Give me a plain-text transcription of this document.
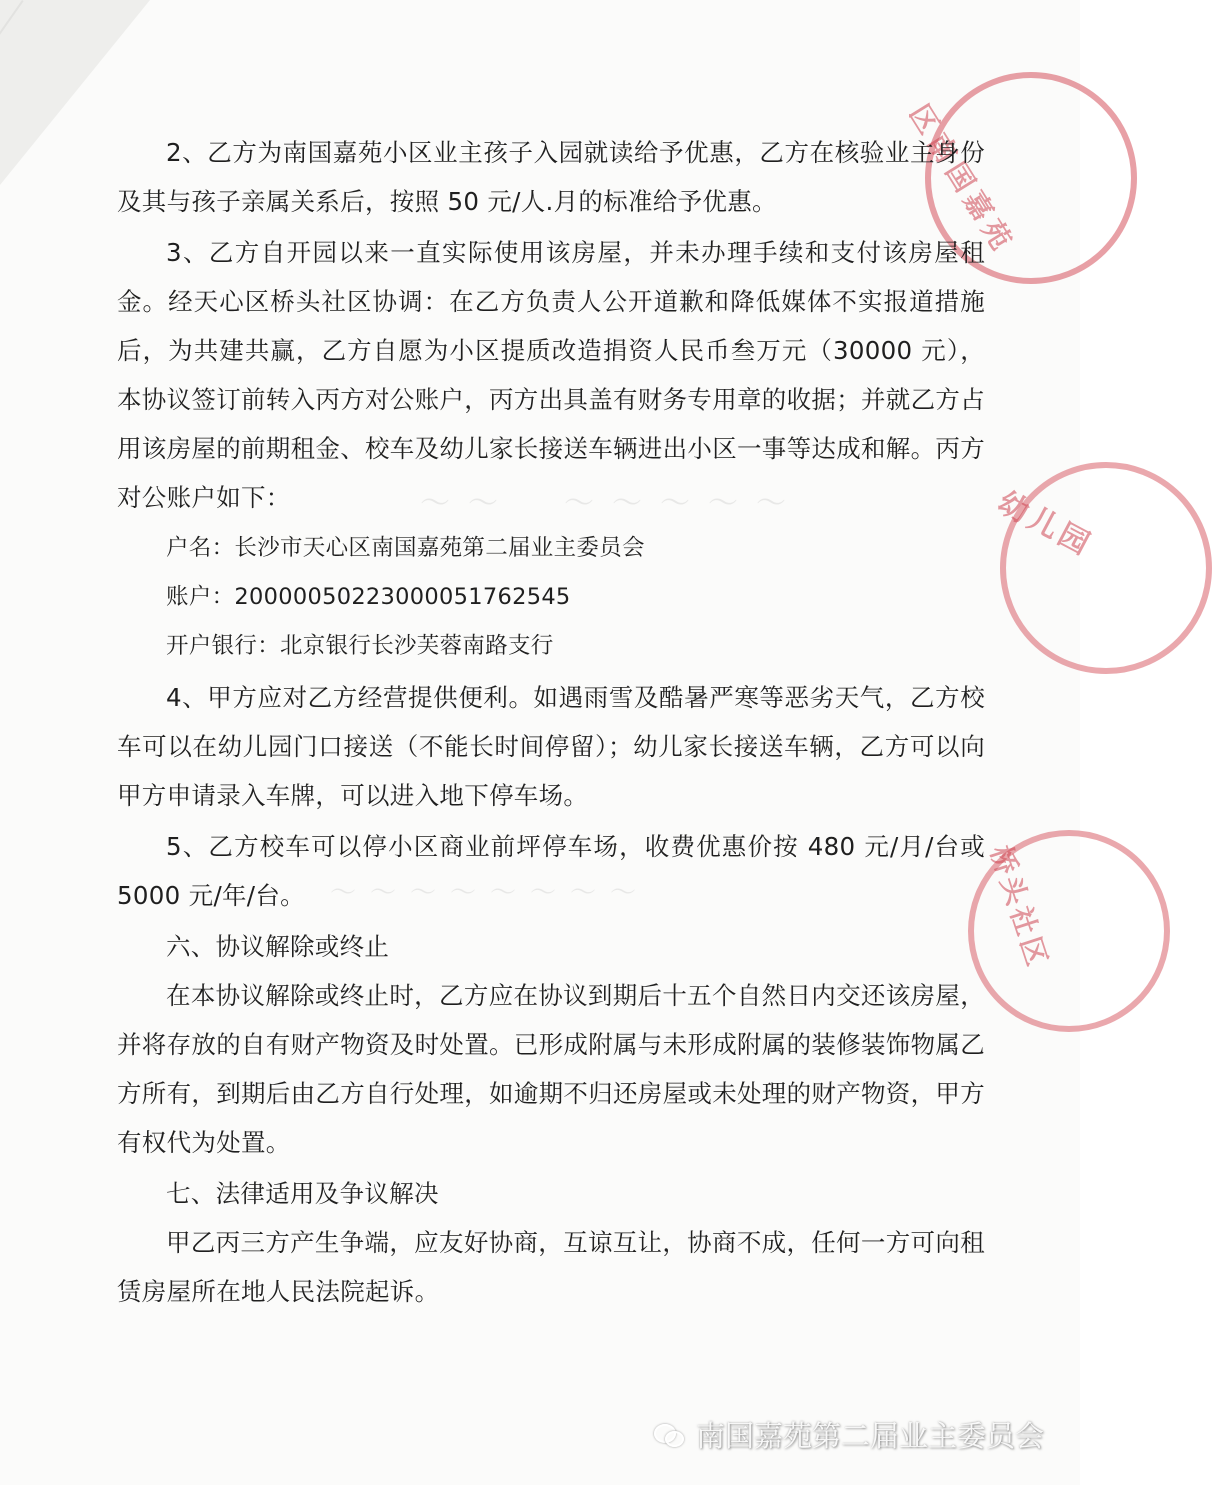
～～　～～～～～
～～～～～～～～
区南国嘉苑
幼儿园
桥头社区

2、乙方为南国嘉苑小区业主孩子入园就读给予优惠，乙方在核验业主身份及其与孩子亲属关系后，按照 50 元/人.月的标准给予优惠。

3、乙方自开园以来一直实际使用该房屋，并未办理手续和支付该房屋租金。经天心区桥头社区协调：在乙方负责人公开道歉和降低媒体不实报道措施后，为共建共赢，乙方自愿为小区提质改造捐资人民币叁万元（30000 元），本协议签订前转入丙方对公账户，丙方出具盖有财务专用章的收据；并就乙方占用该房屋的前期租金、校车及幼儿家长接送车辆进出小区一事等达成和解。丙方对公账户如下：

户名：长沙市天心区南国嘉苑第二届业主委员会

账户：20000050223000051762545

开户银行：北京银行长沙芙蓉南路支行

4、甲方应对乙方经营提供便利。如遇雨雪及酷暑严寒等恶劣天气，乙方校车可以在幼儿园门口接送（不能长时间停留）；幼儿家长接送车辆，乙方可以向甲方申请录入车牌，可以进入地下停车场。

5、乙方校车可以停小区商业前坪停车场，收费优惠价按 480 元/月/台或 5000 元/年/台。

六、协议解除或终止

在本协议解除或终止时，乙方应在协议到期后十五个自然日内交还该房屋，并将存放的自有财产物资及时处置。已形成附属与未形成附属的装修装饰物属乙方所有，到期后由乙方自行处理，如逾期不归还房屋或未处理的财产物资，甲方有权代为处置。

七、法律适用及争议解决

甲乙丙三方产生争端，应友好协商，互谅互让，协商不成，任何一方可向租赁房屋所在地人民法院起诉。

南国嘉苑第二届业主委员会
